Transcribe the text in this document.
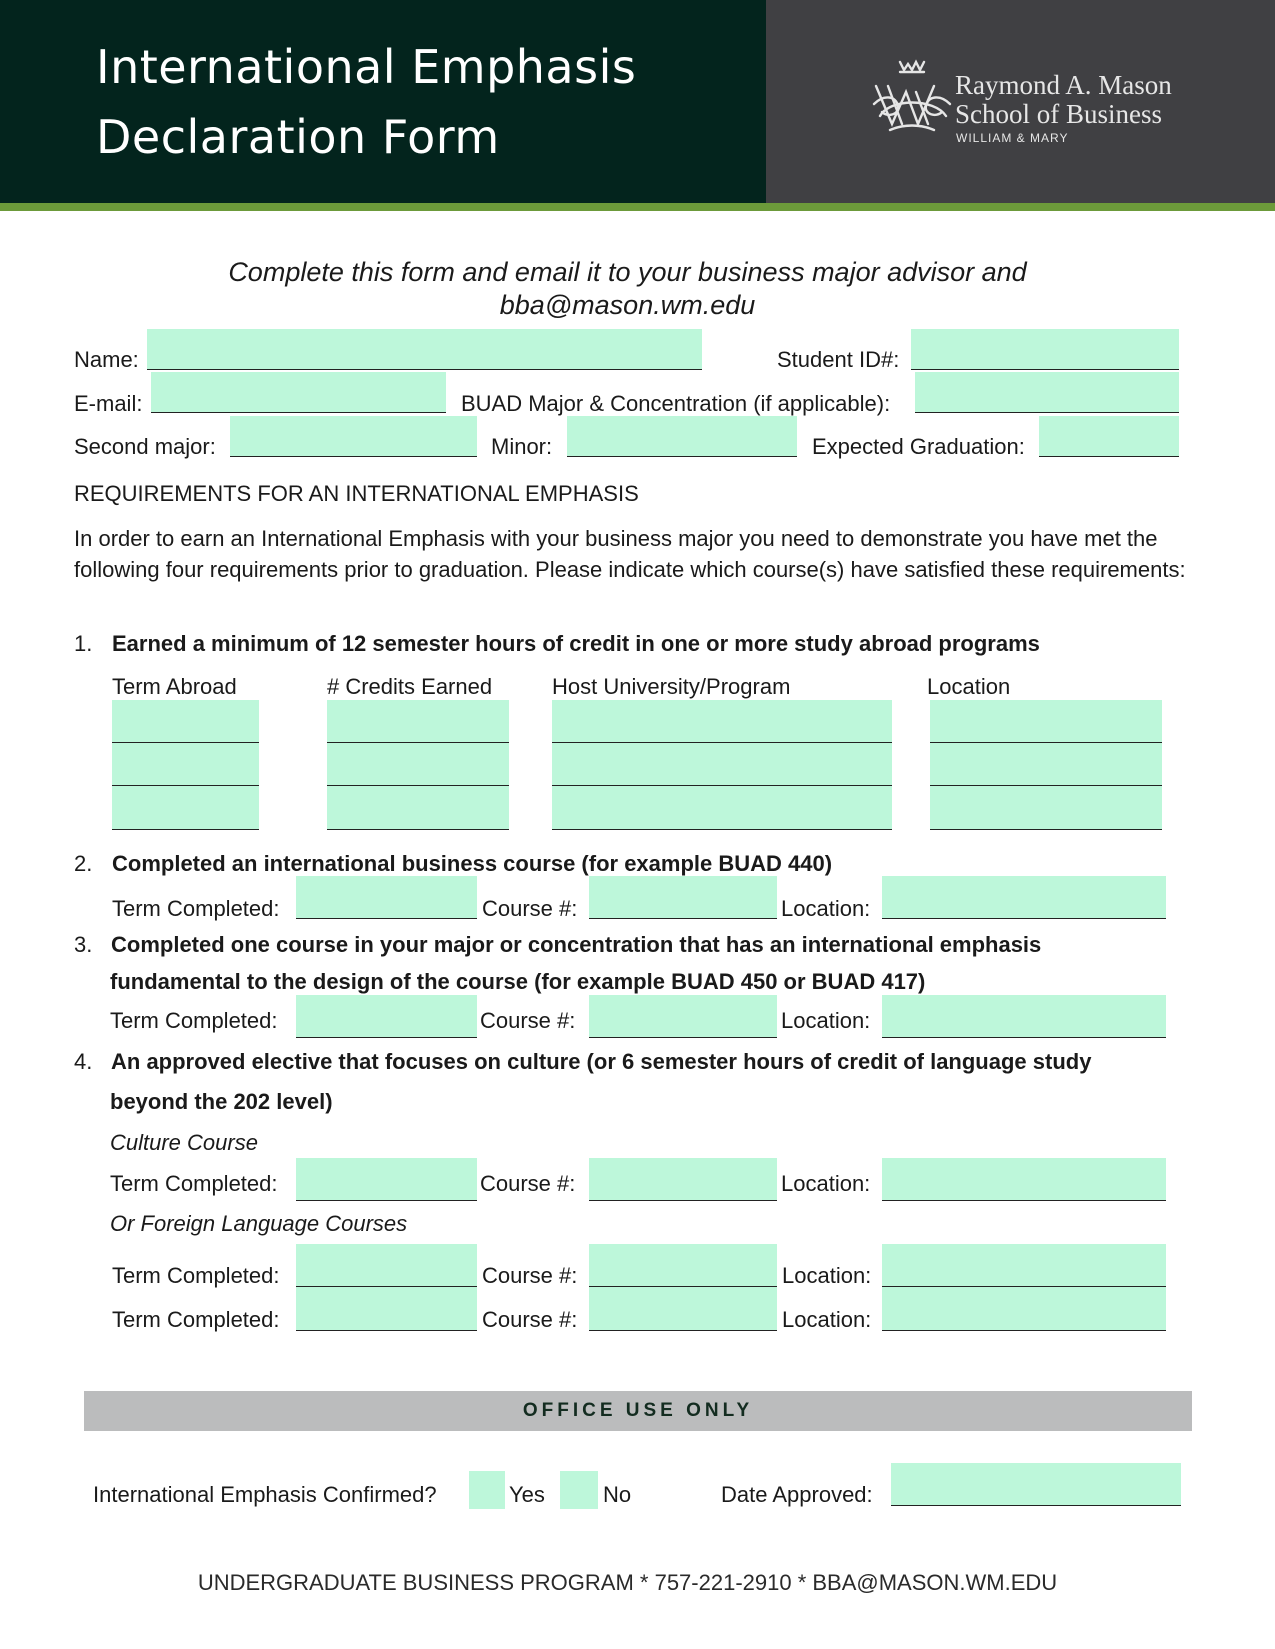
International Emphasis
Declaration Form
Raymond A. Mason
School of Business
WILLIAM & MARY
Complete this form and email it to your business major advisor and
bba@mason.wm.edu
Name:	Student ID#:
E-mail:	BUAD Major & Concentration (if applicable):
Second major:	Minor:	Expected Graduation:
REQUIREMENTS FOR AN INTERNATIONAL EMPHASIS
In order to earn an International Emphasis with your business major you need to demonstrate you have met the following four requirements prior to graduation. Please indicate which course(s) have satisfied these requirements:
1. Earned a minimum of 12 semester hours of credit in one or more study abroad programs
Term Abroad	# Credits Earned	Host University/Program	Location
2. Completed an international business course (for example BUAD 440)
Term Completed:	Course #:	Location:
3. Completed one course in your major or concentration that has an international emphasis
fundamental to the design of the course (for example BUAD 450 or BUAD 417)
Term Completed:	Course #:	Location:
4. An approved elective that focuses on culture (or 6 semester hours of credit of language study
beyond the 202 level)
Culture Course
Term Completed:	Course #:	Location:
Or Foreign Language Courses
Term Completed:	Course #:	Location:
Term Completed:	Course #:	Location:
OFFICE USE ONLY
International Emphasis Confirmed?	Yes	No	Date Approved:
UNDERGRADUATE BUSINESS PROGRAM * 757-221-2910 * BBA@MASON.WM.EDU
